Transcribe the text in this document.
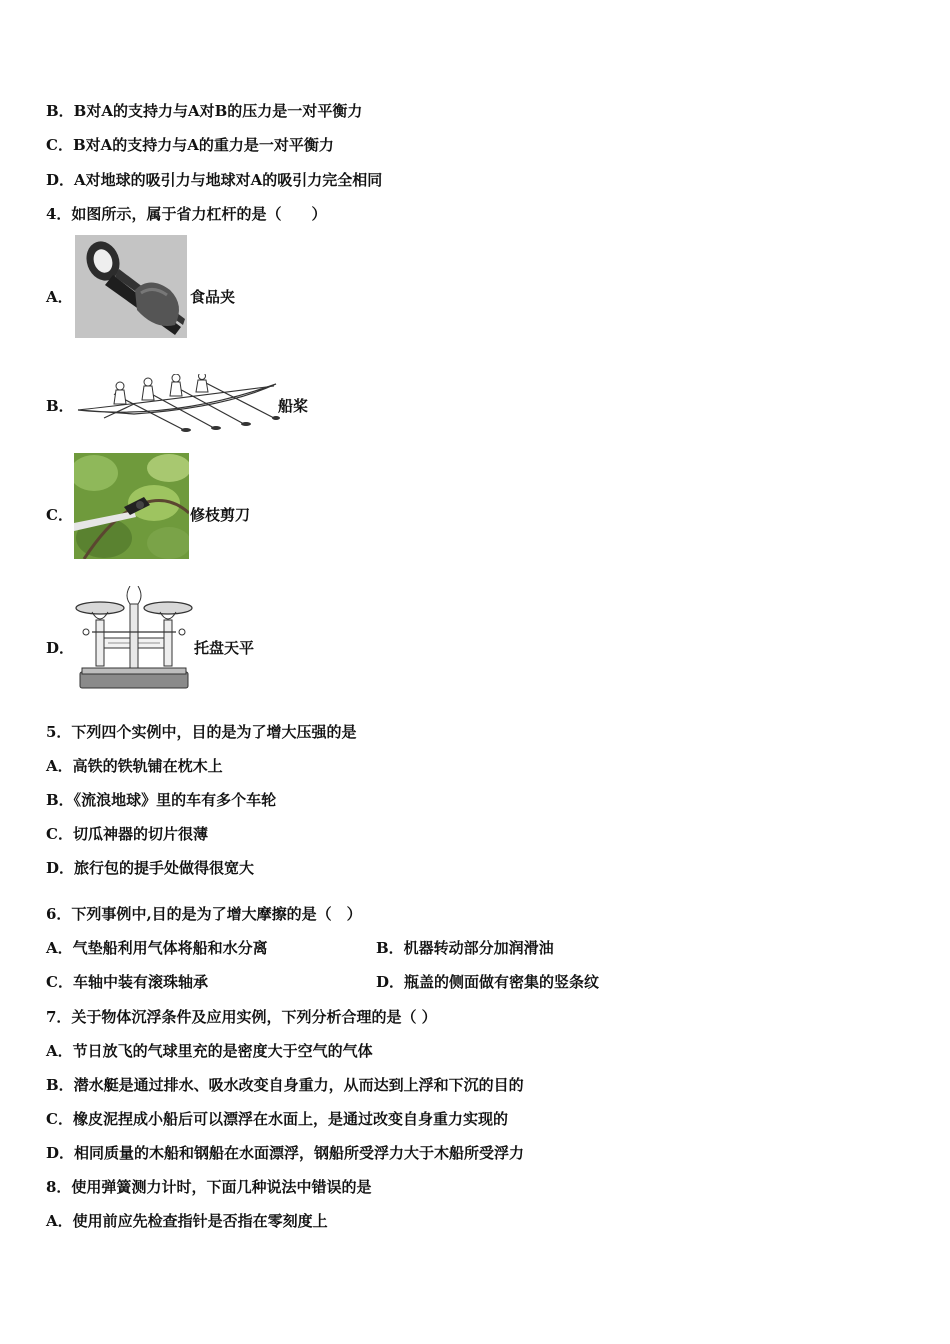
B．B对A的支持力与A对B的压力是一对平衡力
C．B对A的支持力与A的重力是一对平衡力
D．A对地球的吸引力与地球对A的吸引力完全相同
4．如图所示，属于省力杠杆的是（　　）
A．	食品夹
B．	船桨
C．	修枝剪刀
D．	托盘天平
5．下列四个实例中，目的是为了增大压强的是
A．高铁的铁轨铺在枕木上
B．《流浪地球》里的车有多个车轮
C．切瓜神器的切片很薄
D．旅行包的提手处做得很宽大
6．下列事例中,目的是为了增大摩擦的是（　）
A．气垫船利用气体将船和水分离	B．机器转动部分加润滑油
C．车轴中装有滚珠轴承	D．瓶盖的侧面做有密集的竖条纹
7．关于物体沉浮条件及应用实例，下列分析合理的是（ ）
A．节日放飞的气球里充的是密度大于空气的气体
B．潜水艇是通过排水、吸水改变自身重力，从而达到上浮和下沉的目的
C．橡皮泥捏成小船后可以漂浮在水面上，是通过改变自身重力实现的
D．相同质量的木船和钢船在水面漂浮，钢船所受浮力大于木船所受浮力
8．使用弹簧测力计时，下面几种说法中错误的是
A．使用前应先检查指针是否指在零刻度上
